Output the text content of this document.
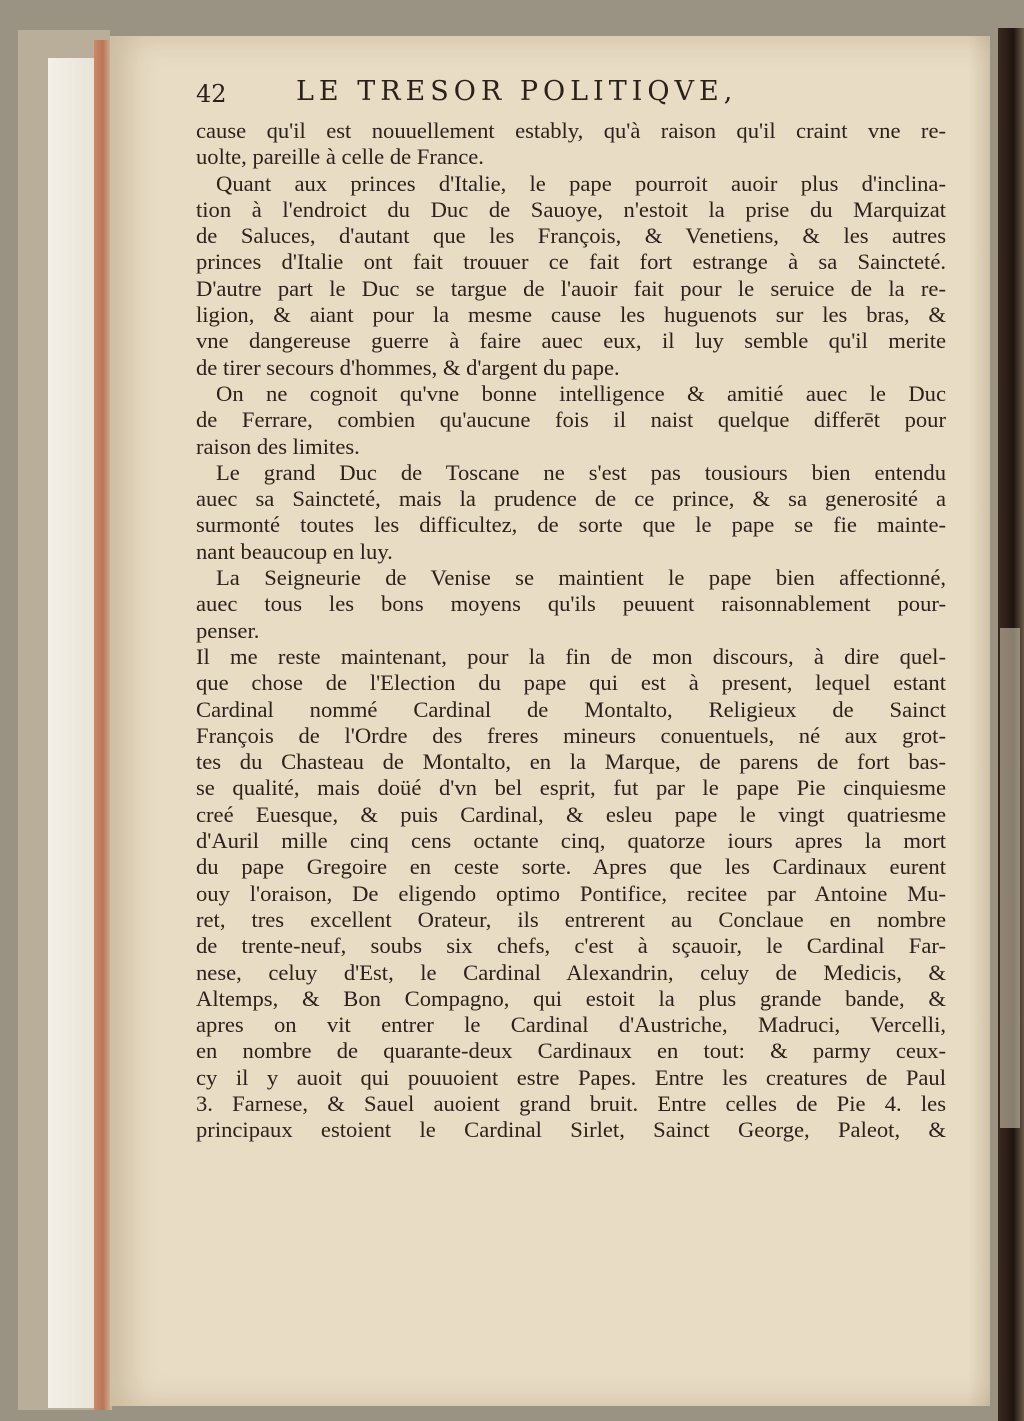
42	LE TRESOR POLITIQVE,
cause qu'il est nouuellement estably, qu'à raison qu'il craint vne re-
uolte, pareille à celle de France.
Quant aux princes d'Italie, le pape pourroit auoir plus d'inclina-
tion à l'endroict du Duc de Sauoye, n'estoit la prise du Marquizat
de Saluces, d'autant que les François, & Venetiens, & les autres
princes d'Italie ont fait trouuer ce fait fort estrange à sa Saincteté.
D'autre part le Duc se targue de l'auoir fait pour le seruice de la re-
ligion, & aiant pour la mesme cause les huguenots sur les bras, &
vne dangereuse guerre à faire auec eux, il luy semble qu'il merite
de tirer secours d'hommes, & d'argent du pape.
On ne cognoit qu'vne bonne intelligence & amitié auec le Duc
de Ferrare, combien qu'aucune fois il naist quelque differēt pour
raison des limites.
Le grand Duc de Toscane ne s'est pas tousiours bien entendu
auec sa Saincteté, mais la prudence de ce prince, & sa generosité a
surmonté toutes les difficultez, de sorte que le pape se fie mainte-
nant beaucoup en luy.
La Seigneurie de Venise se maintient le pape bien affectionné,
auec tous les bons moyens qu'ils peuuent raisonnablement pour-
penser.
Il me reste maintenant, pour la fin de mon discours, à dire quel-
que chose de l'Election du pape qui est à present, lequel estant
Cardinal nommé Cardinal de Montalto, Religieux de Sainct
François de l'Ordre des freres mineurs conuentuels, né aux grot-
tes du Chasteau de Montalto, en la Marque, de parens de fort bas-
se qualité, mais doüé d'vn bel esprit, fut par le pape Pie cinquiesme
creé Euesque, & puis Cardinal, & esleu pape le vingt quatriesme
d'Auril mille cinq cens octante cinq, quatorze iours apres la mort
du pape Gregoire en ceste sorte. Apres que les Cardinaux eurent
ouy l'oraison, De eligendo optimo Pontifice, recitee par Antoine Mu-
ret, tres excellent Orateur, ils entrerent au Conclaue en nombre
de trente-neuf, soubs six chefs, c'est à sçauoir, le Cardinal Far-
nese, celuy d'Est, le Cardinal Alexandrin, celuy de Medicis, &
Altemps, & Bon Compagno, qui estoit la plus grande bande, &
apres on vit entrer le Cardinal d'Austriche, Madruci, Vercelli,
en nombre de quarante-deux Cardinaux en tout: & parmy ceux-
cy il y auoit qui pouuoient estre Papes. Entre les creatures de Paul
3. Farnese, & Sauel auoient grand bruit. Entre celles de Pie 4. les
principaux estoient le Cardinal Sirlet, Sainct George, Paleot, &
